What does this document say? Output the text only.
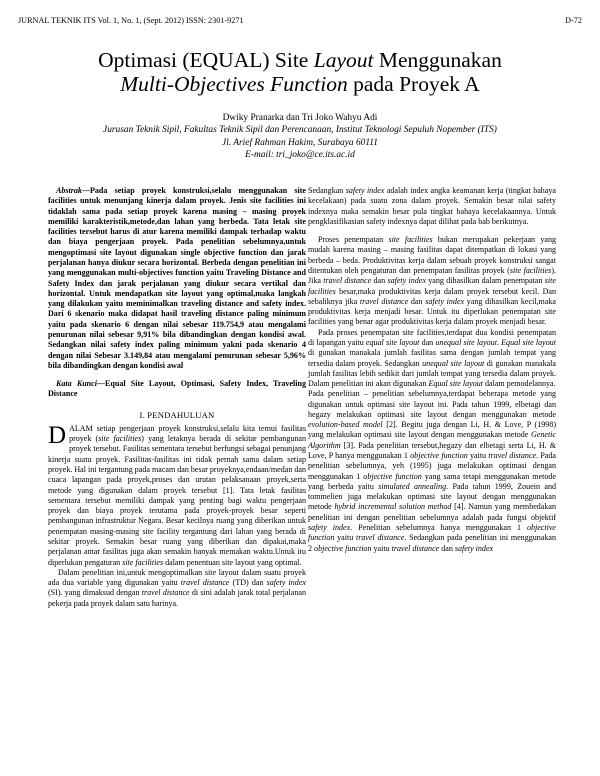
JURNAL TEKNIK ITS Vol. 1, No. 1, (Sept. 2012) ISSN: 2301-9271	D-72
Optimasi (EQUAL) Site Layout Menggunakan
Multi-Objectives Function pada Proyek A
Dwiky Pranarka dan Tri Joko Wahyu Adi
Jurusan Teknik Sipil, Fakultas Teknik Sipil dan Perencanaan, Institut Teknologi Sepuluh Nopember (ITS)
Jl. Arief Rahman Hakim, Surabaya 60111
E-mail: tri_joko@ce.its.ac.id

Abstrak—Pada setiap proyek konstruksi,selalu menggunakan site facilities untuk menunjang kinerja dalam proyek. Jenis site facilities ini tidaklah sama pada setiap proyek karena masing – masing proyek memiliki karakteristik,metode,dan lahan yang berbeda. Tata letak site facilities tersebut harus di atur karena memiliki dampak terhadap waktu dan biaya pengerjaan proyek. Pada penelitian sebelumnya,untuk mengoptimasi site layout digunakan single objective function dan jarak perjalanan hanya diukur secara horizontal. Berbeda dengan penelitian ini yang menggunakan multi-objectives function yaitu Traveling Distance and Safety Index dan jarak perjalanan yang diukur secara vertikal dan horizontal. Untuk mendapatkan site layout yang optimal,maka langkah yang dilakukan yaitu meminimalkan traveling distance and safety index. Dari 6 skenario maka didapat hasil traveling distance paling minimum yaitu pada skenario 6 dengan nilai sebesar 119.754,9 atau mengalami penurunan nilai sebesar 9,91% bila dibandingkan dengan kondisi awal. Sedangkan nilai safety index paling minimum yakni pada skenario 4 dengan nilai Sebesar 3.149,84 atau mengalami penurunan sebesar 5,96% bila dibandingkan dengan kondisi awal

Kata Kunci—Equal Site Layout, Optimasi, Safety Index, Traveling Distance

I. PENDAHULUAN

DALAM setiap pengerjaan proyek konstruksi,selalu kita temui fasilitas proyek (site facilities) yang letaknya berada di sekitar pembangunan proyek tersebut. Fasilitas sementara tersebut berfungsi sebagai penunjang kinerja suatu proyek. Fasilitas-fasilitas ini tidak pernah sama dalam setiap proyek. Hal ini tergantung pada macam dan besar proyeknya,endaan/medan dan cuaca lapangan pada proyek,proses dan urutan pelaksanaan proyek,serta metode yang digunakan dalam proyek tersebut [1]. Tata letak fasilitas sementara tersebut memiliki dampak yang penting bagi waktu pengerjaan proyek dan biaya proyek terutama pada proyek-proyek besar seperti pembangunan infrastruktur Negara. Besar kecilnya ruang yang diberikan untuk penempatan masing-masing site facility tergantung dari lahan yang berada di sekitar proyek. Semakin besar ruang yang diberikan dan dipakai,maka perjalanan antar fasilitas juga akan semakin banyak memakan waktu.Untuk itu diperlukan pengaturan site facilities dalam penentuan site layout yang optimal.

Dalam penelitian ini,untuk mengoptimalkan site layout dalam suatu proyek ada dua variable yang digunakan yaitu travel distance (TD) dan safety index (SI). yang dimaksud dengan travel distance di sini adalah jarak total perjalanan pekerja pada proyek dalam satu harinya.

Sedangkan safety index adalah index angka keamanan kerja (tingkat bahaya kecelakaan) pada suatu zona dalam proyek. Semakin besar nilai safety indexnya maka semakin besar pula tingkat bahaya kecelakaannya. Untuk pengklasifikasian safety indexnya dapat dilihat pada bab berikutnya.

Proses penempatan site facilities bukan merupakan pekerjaan yang mudah karena masing – masing fasilitas dapat ditempatkan di lokasi yang berbeda – beda. Produktivitas kerja dalam sebuah proyek konstruksi sangat ditentukan oleh pengaturan dan penempatan fasilitas proyek (site facilities). Jika travel distance dan safety index yang dihasilkan dalam penempatan site facilities besar,maka produktivitas kerja dalam proyek tersebut kecil. Dan sebaliknya jika travel distance dan safety index yang dihasilkan kecil,maka produktivitas kerja menjadi besar. Untuk itu diperlukan penempatan site facilities yang benar agar produktivitas kerja dalam proyek menjadi besar.

Pada proses penempatan site facilities,terdapat dua kondisi penempatan di lapangan yaitu equal site layout dan unequal site layout. Equal site layout di gunakan manakala jumlah fasilitas sama dengan jumlah tempat yang tersedia dalam proyek. Sedangkan unequal site layout di gunakan manakala jumlah fasilitas lebih sedikit dari jumlah tempat yang tersedia dalam proyek. Dalam penelitian ini akan digunakan Equal site layout dalam pemodelannya.

Pada penelitian – penelitian sebelumnya,terdapat beberapa metode yang digunakan untuk optimasi site layout ini. Pada tahun 1999, elbetagi dan hegazy melakukan optimasi site layout dengan menggunakan metode evolution-based model [2]. Begitu juga dengan Li, H. & Love, P (1998) yang melakukan optimasi site layout dengan menggunakan metode Genetic Algorithm [3]. Pada penelitian tersebut,hegazy dan elbetagi serta Li, H. & Love, P hanya menggunakan 1 objective function yaitu travel distance. Pada penelitian sebelumnya, yeh (1995) juga melakukan optimasi dengan menggunakan 1 objective function yang sama tetapi menggunakan metode yang berbeda yaitu simulated annealing. Pada tahun 1999, Zouein and tommelien juga melakukan optimasi site layout dengan menggunakan metode hybrid incremental solution method [4]. Namun yang membedakan penelitian ini dengan penelitian sebelumnya adalah pada fungsi objektif safety index. Penelitian sebelumnya hanya menggunakan 1 objective function yaitu travel distance. Sedangkan pada penelitian ini menggunakan 2 objective function yaitu travel distance dan safety index
